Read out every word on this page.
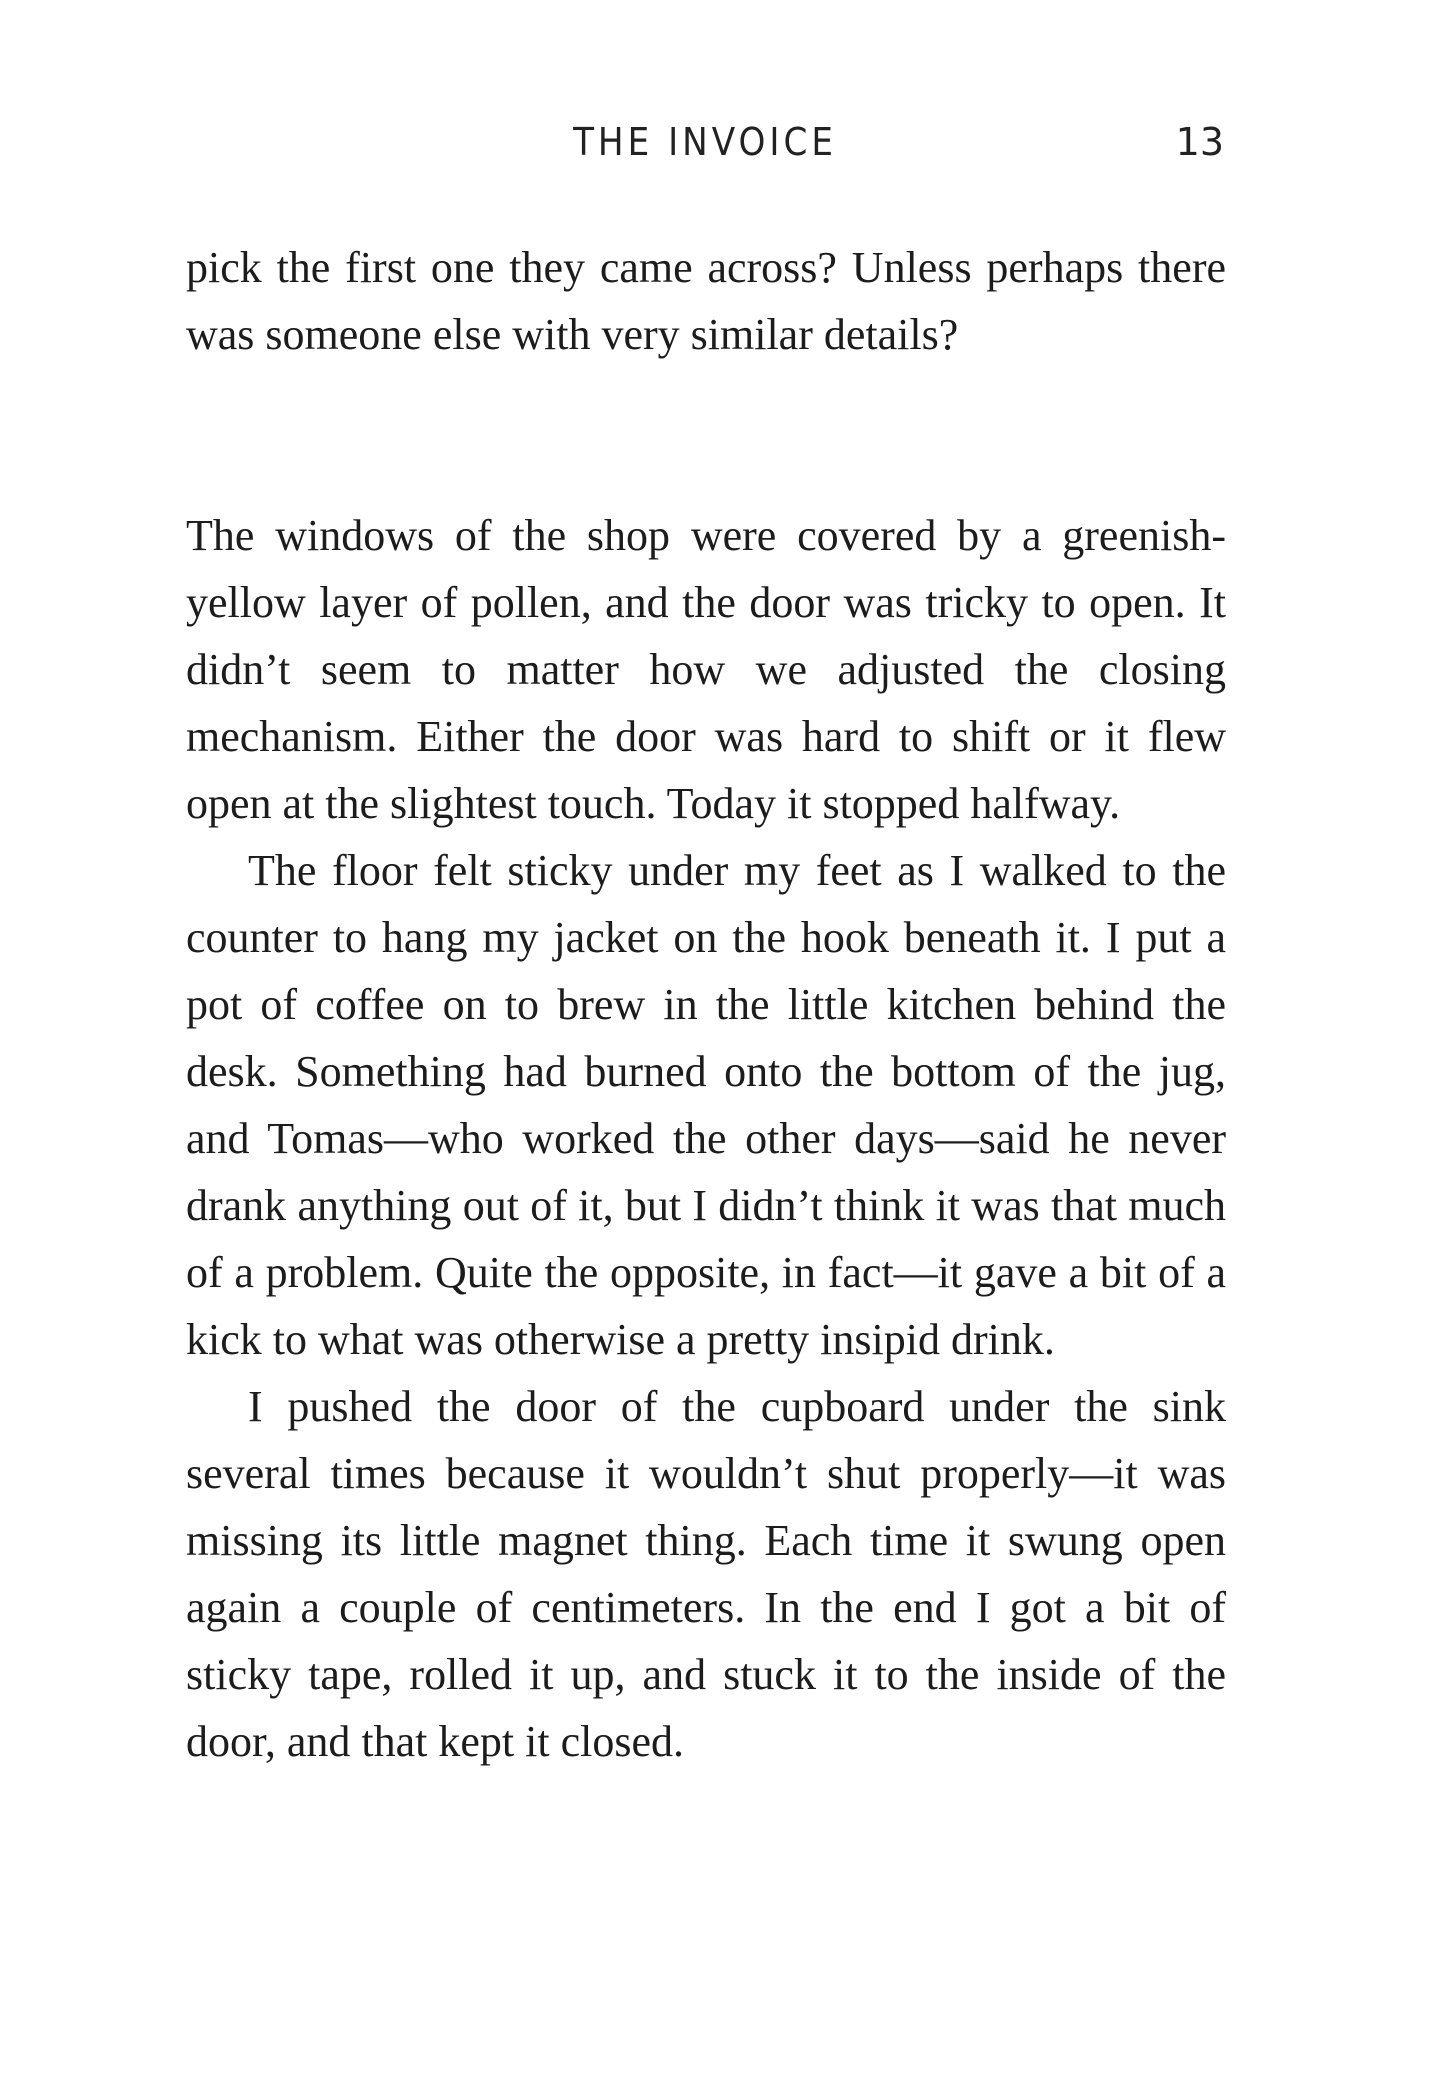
THE INVOICE	13

pick the first one they came across? Unless perhaps there was someone else with very similar details?

The windows of the shop were covered by a greenish-yellow layer of pollen, and the door was tricky to open. It didn’t seem to matter how we adjusted the closing mechanism. Either the door was hard to shift or it flew open at the slightest touch. Today it stopped halfway.

The floor felt sticky under my feet as I walked to the counter to hang my jacket on the hook beneath it. I put a pot of coffee on to brew in the little kitchen behind the desk. Something had burned onto the bottom of the jug, and Tomas—who worked the other days—said he never drank anything out of it, but I didn’t think it was that much of a problem. Quite the opposite, in fact—it gave a bit of a kick to what was otherwise a pretty insipid drink.

I pushed the door of the cupboard under the sink several times because it wouldn’t shut properly—it was missing its little magnet thing. Each time it swung open again a couple of centimeters. In the end I got a bit of sticky tape, rolled it up, and stuck it to the inside of the door, and that kept it closed.
